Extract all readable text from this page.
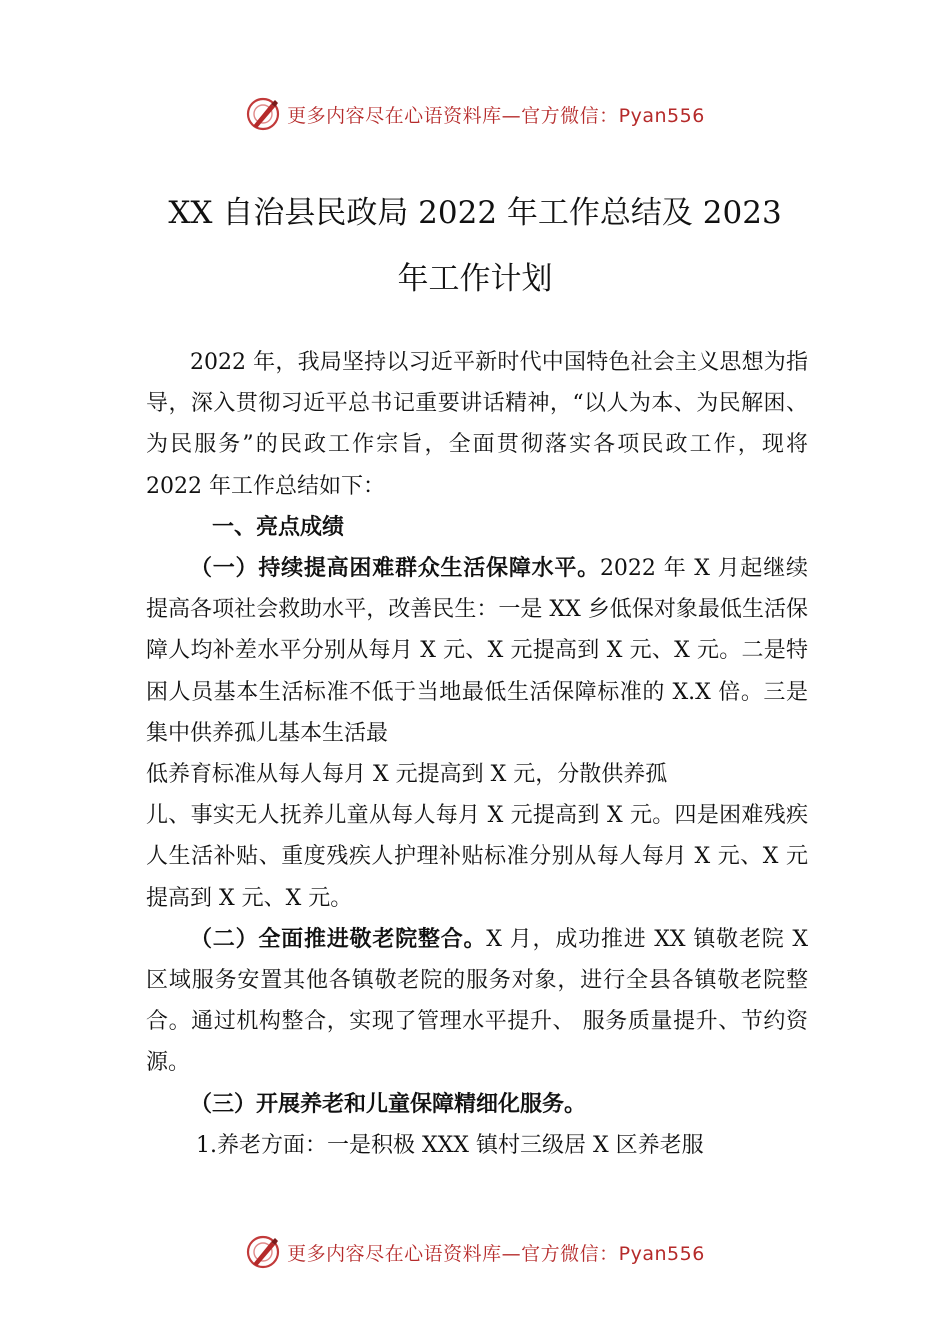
更多内容尽在心语资料库—官方微信：Pyan556
XX 自治县民政局 2022 年工作总结及 2023
年工作计划

2022 年，我局坚持以习近平新时代中国特色社会主义思想为指导，深入贯彻习近平总书记重要讲话精神，“以人为本、为民解困、为民服务”的民政工作宗旨，全面贯彻落实各项民政工作，现将 2022 年工作总结如下：

一、亮点成绩

（一）持续提高困难群众生活保障水平。2022 年 X 月起继续提高各项社会救助水平，改善民生：一是 XX 乡低保对象最低生活保障人均补差水平分别从每月 X 元、X 元提高到 X 元、X 元。二是特困人员基本生活标准不低于当地最低生活保障标准的 X.X 倍。三是集中供养孤儿基本生活最

低养育标准从每人每月 X 元提高到 X 元，分散供养孤

儿、事实无人抚养儿童从每人每月 X 元提高到 X 元。四是困难残疾人生活补贴、重度残疾人护理补贴标准分别从每人每月 X 元、X 元提高到 X 元、X 元。

（二）全面推进敬老院整合。X 月，成功推进 XX 镇敬老院 X 区域服务安置其他各镇敬老院的服务对象，进行全县各镇敬老院整合。通过机构整合，实现了管理水平提升、 服务质量提升、节约资源。

（三）开展养老和儿童保障精细化服务。

1.养老方面：一是积极 XXX 镇村三级居 X 区养老服

更多内容尽在心语资料库—官方微信：Pyan556
